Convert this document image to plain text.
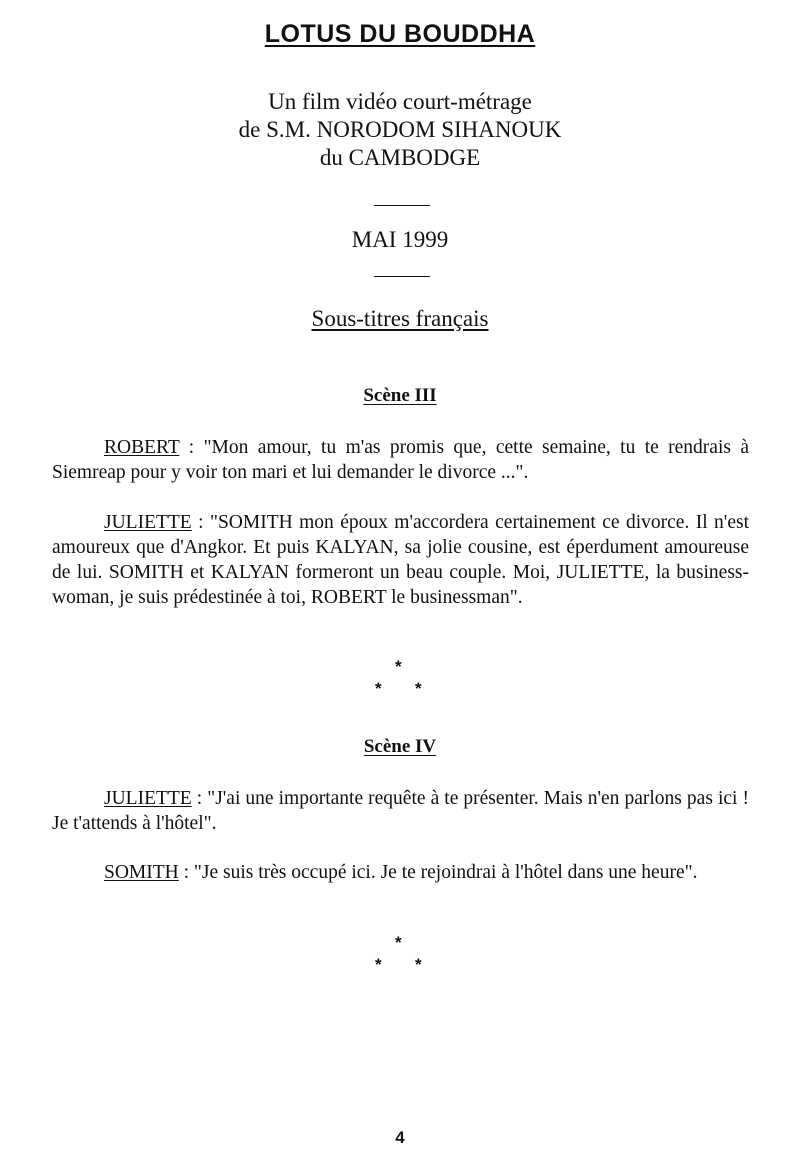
LOTUS DU BOUDDHA
Un film vidéo court-métrage
de S.M. NORODOM SIHANOUK
du CAMBODGE
MAI 1999
Sous-titres français
Scène III
ROBERT : "Mon amour, tu m'as promis que, cette semaine, tu te rendrais à Siemreap pour y voir ton mari et lui demander le divorce ...".
JULIETTE : "SOMITH mon époux m'accordera certainement ce divorce. Il n'est amoureux que d'Angkor. Et puis KALYAN, sa jolie cousine, est éperdument amoureuse de lui. SOMITH et KALYAN formeront un beau couple. Moi, JULIETTE, la business-woman, je suis prédestinée à toi, ROBERT le businessman".
*
* *
Scène IV
JULIETTE : "J'ai une importante requête à te présenter. Mais n'en parlons pas ici ! Je t'attends à l'hôtel".
SOMITH : "Je suis très occupé ici. Je te rejoindrai à l'hôtel dans une heure".
*
* *
4
